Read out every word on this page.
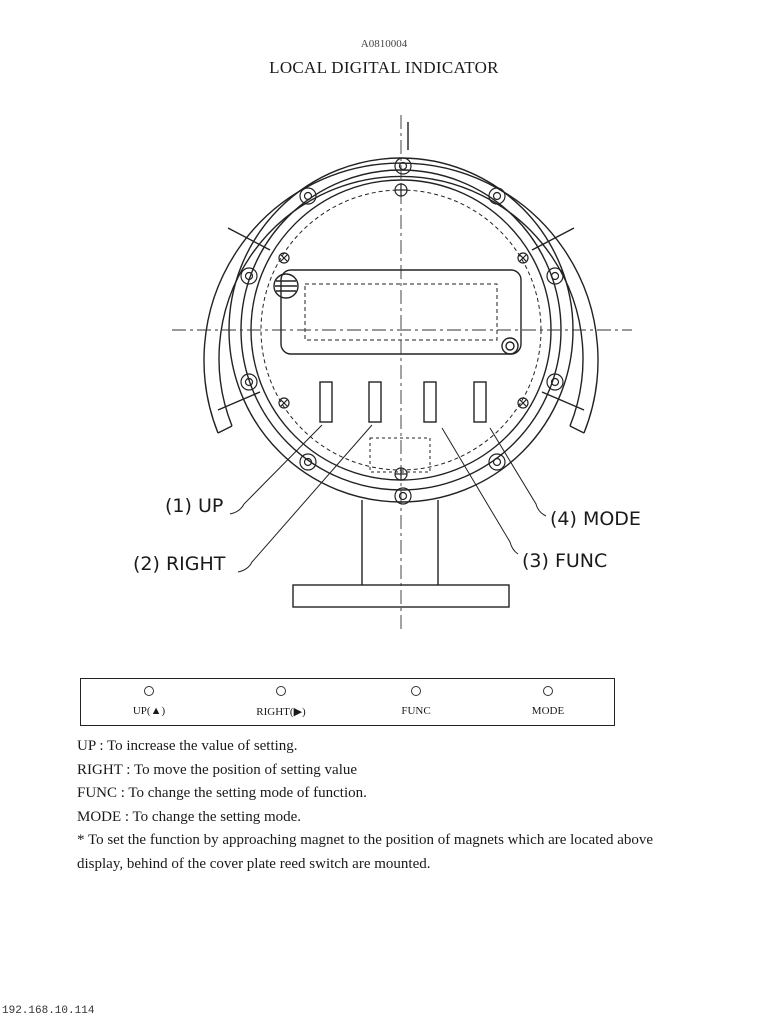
A0810004
LOCAL DIGITAL INDICATOR
(1) UP
(2) RIGHT	(3) FUNC
(4) MODE
UP(▲)	RIGHT(▶)	FUNC	MODE

UP : To increase the value of setting.

RIGHT : To move the position of setting value

FUNC : To change the setting mode of function.

MODE : To change the setting mode.

* To set the function by approaching magnet to the position of magnets which are located above display, behind of the cover plate reed switch are mounted.

192.168.10.114
